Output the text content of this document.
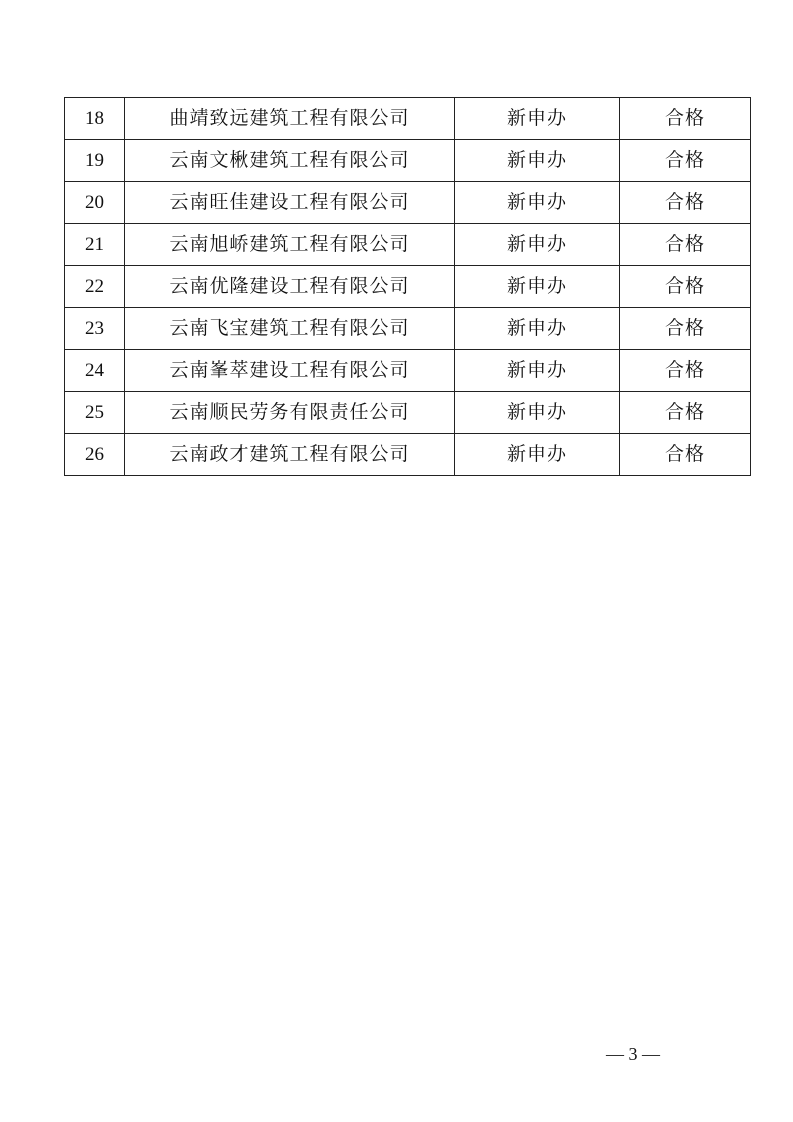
18	曲靖致远建筑工程有限公司	新申办	合格
19	云南文楸建筑工程有限公司	新申办	合格
20	云南旺佳建设工程有限公司	新申办	合格
21	云南旭峤建筑工程有限公司	新申办	合格
22	云南优隆建设工程有限公司	新申办	合格
23	云南飞宝建筑工程有限公司	新申办	合格
24	云南峯萃建设工程有限公司	新申办	合格
25	云南顺民劳务有限责任公司	新申办	合格
26	云南政才建筑工程有限公司	新申办	合格
— 3 —
